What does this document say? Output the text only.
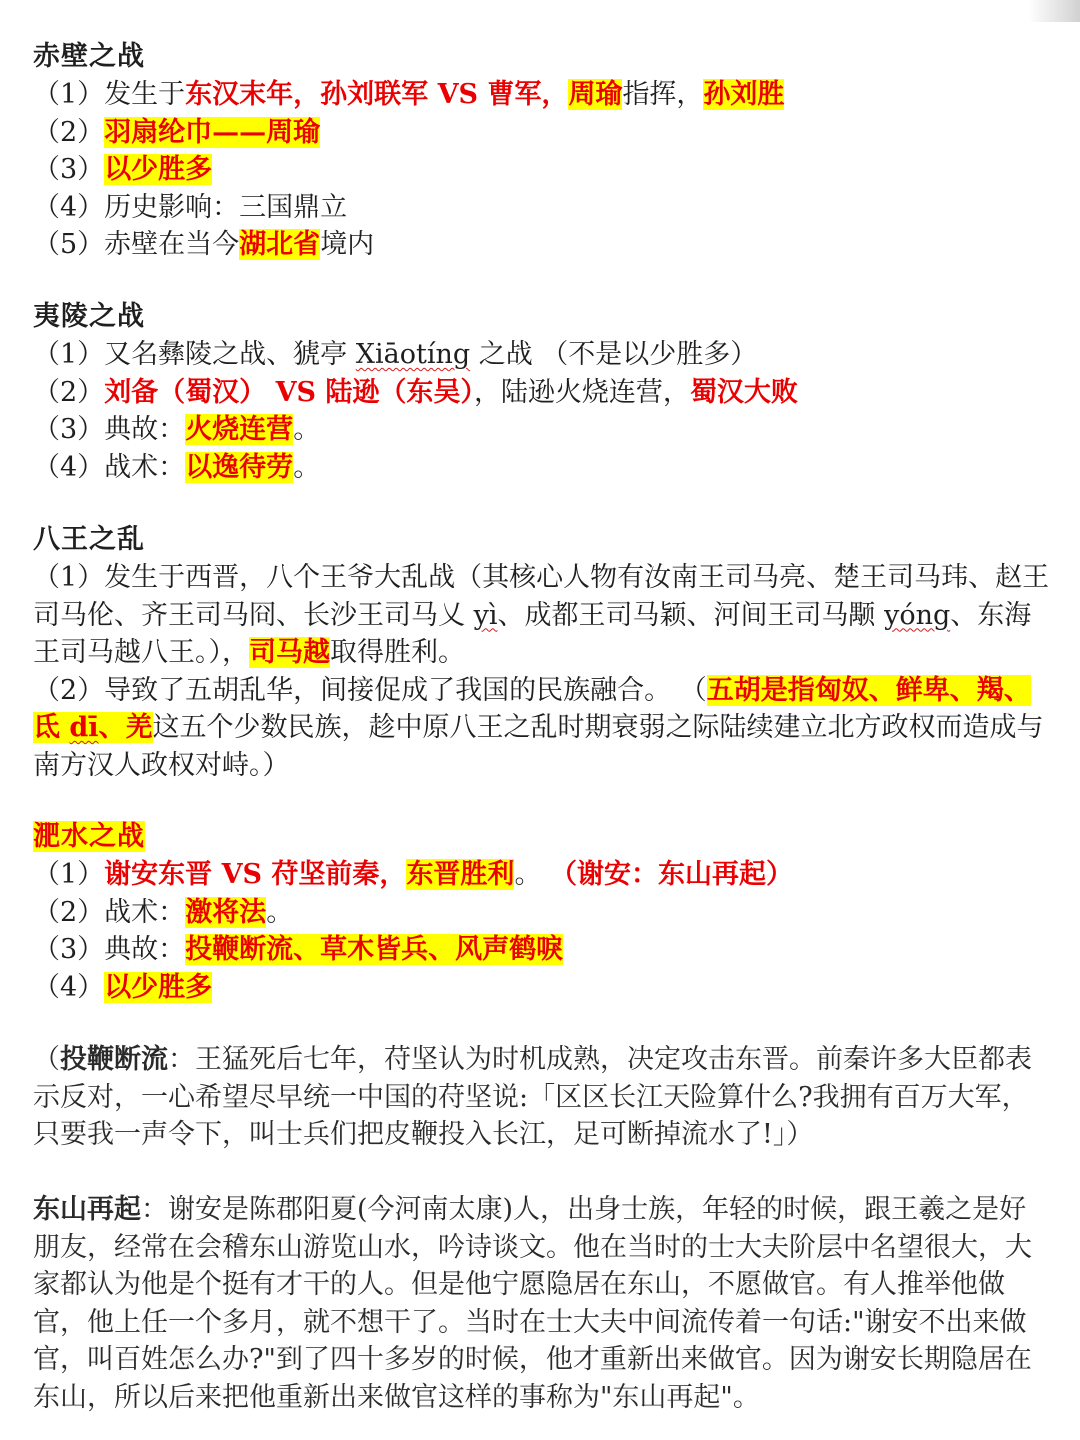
赤壁之战
（1）发生于东汉末年，孙刘联军 VS 曹军，周瑜指挥，孙刘胜
（2）羽扇纶巾——周瑜
（3）以少胜多
（4）历史影响：三国鼎立
（5）赤壁在当今湖北省境内
夷陵之战
（1）又名彝陵之战、猇亭 Xiāotíng 之战 （不是以少胜多）
（2）刘备（蜀汉） VS 陆逊（东吴），陆逊火烧连营，蜀汉大败
（3）典故：火烧连营。
（4）战术：以逸待劳。
八王之乱
（1）发生于西晋，八个王爷大乱战（其核心人物有汝南王司马亮、楚王司马玮、赵王司马伦、齐王司马冏、长沙王司马乂 yì、成都王司马颖、河间王司马颙 yóng、东海王司马越八王。），司马越取得胜利。
（2）导致了五胡乱华，间接促成了我国的民族融合。 （五胡是指匈奴、鲜卑、羯、氐 dī、羌这五个少数民族，趁中原八王之乱时期衰弱之际陆续建立北方政权而造成与南方汉人政权对峙。）
淝水之战
（1）谢安东晋 VS 苻坚前秦，东晋胜利。 （谢安：东山再起）
（2）战术：激将法。
（3）典故：投鞭断流、草木皆兵、风声鹤唳
（4）以少胜多
（投鞭断流：王猛死后七年，苻坚认为时机成熟，决定攻击东晋。前秦许多大臣都表示反对，一心希望尽早统一中国的苻坚说:「区区长江天险算什么?我拥有百万大军，只要我一声令下，叫士兵们把皮鞭投入长江，足可断掉流水了!」）
东山再起：谢安是陈郡阳夏(今河南太康)人，出身士族，年轻的时候，跟王羲之是好朋友，经常在会稽东山游览山水，吟诗谈文。他在当时的士大夫阶层中名望很大，大家都认为他是个挺有才干的人。但是他宁愿隐居在东山，不愿做官。有人推举他做官，他上任一个多月，就不想干了。当时在士大夫中间流传着一句话:"谢安不出来做官，叫百姓怎么办?"到了四十多岁的时候，他才重新出来做官。因为谢安长期隐居在东山，所以后来把他重新出来做官这样的事称为"东山再起"。
